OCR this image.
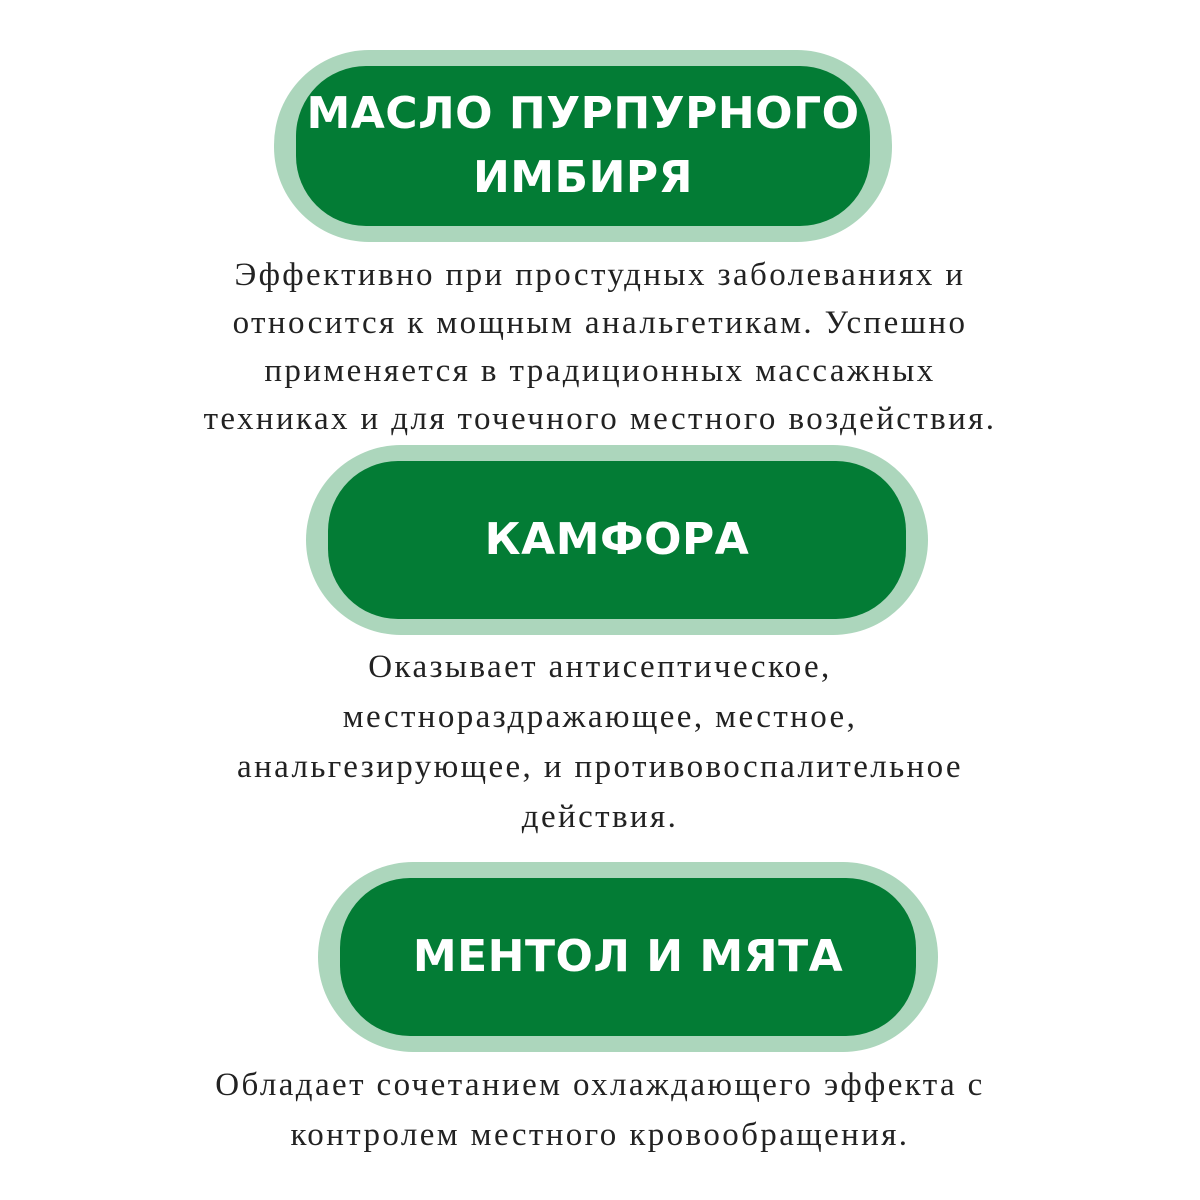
МАСЛО ПУРПУРНОГО
ИМБИРЯ

Эффективно при простудных заболеваниях и
относится к мощным анальгетикам. Успешно
применяется в традиционных массажных
техниках и для точечного местного воздействия.

КАМФОРА

Оказывает антисептическое,
местнораздражающее, местное,
анальгезирующее, и противовоспалительное
действия.

МЕНТОЛ И МЯТА

Обладает сочетанием охлаждающего эффекта с
контролем местного кровообращения.
